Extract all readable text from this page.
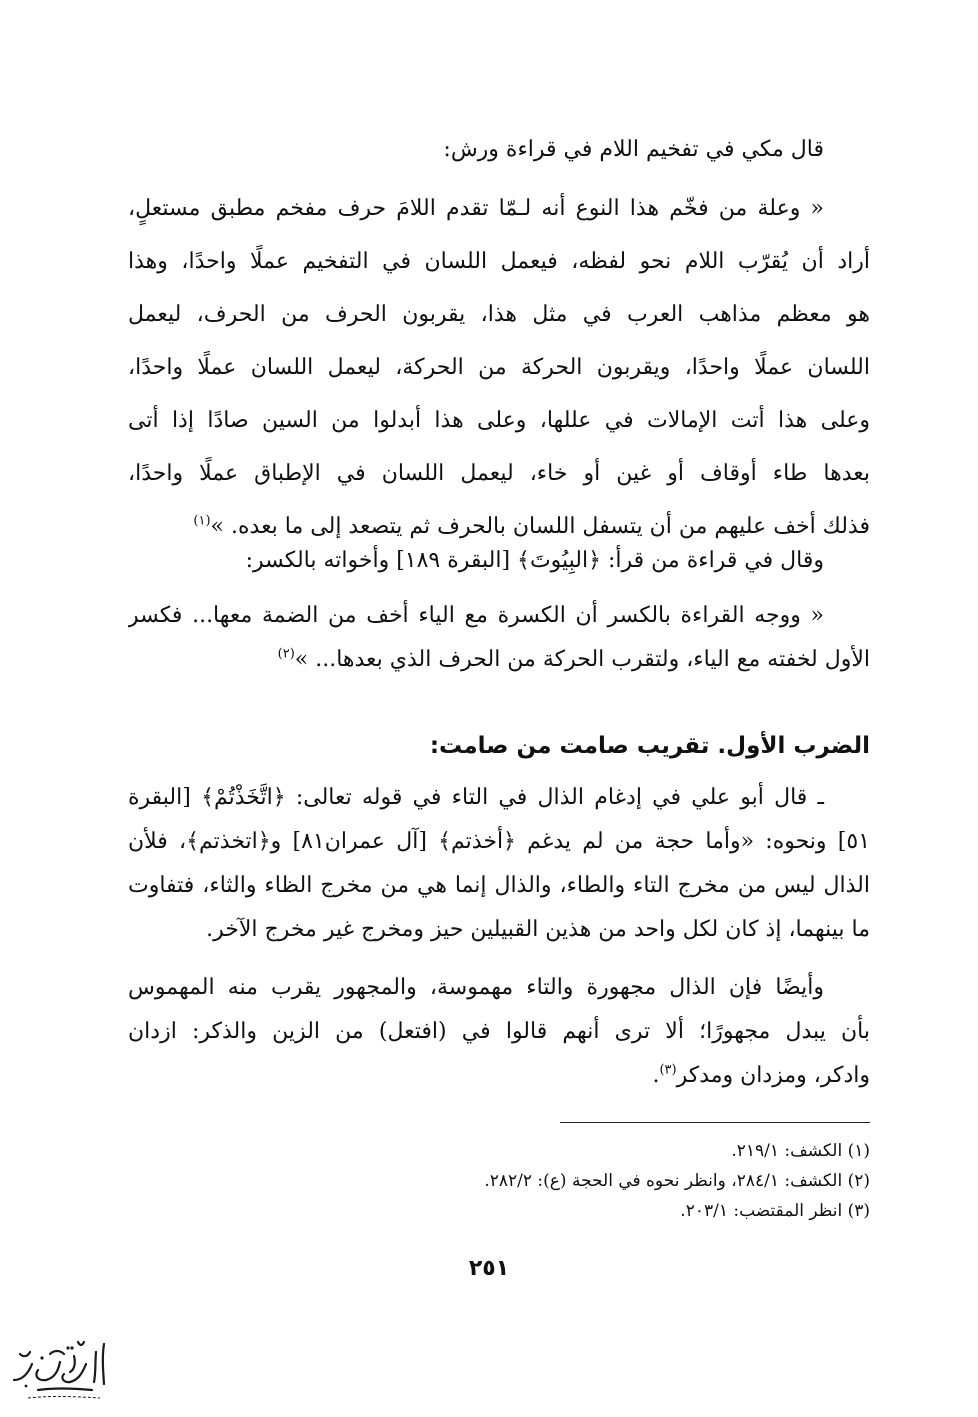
قال مكي في تفخيم اللام في قراءة ورش:
« وعلة من فخّم هذا النوع أنه لـمّا تقدم اللامَ حرف مفخم مطبق مستعلٍ،
أراد أن يُقرّب اللام نحو لفظه، فيعمل اللسان في التفخيم عملًا واحدًا، وهذا
هو معظم مذاهب العرب في مثل هذا، يقربون الحرف من الحرف، ليعمل
اللسان عملًا واحدًا، ويقربون الحركة من الحركة، ليعمل اللسان عملًا واحدًا،
وعلى هذا أتت الإمالات في عللها، وعلى هذا أبدلوا من السين صادًا إذا أتى
بعدها طاء أوقاف أو غين أو خاء، ليعمل اللسان في الإطباق عملًا واحدًا،
فذلك أخف عليهم من أن يتسفل اللسان بالحرف ثم يتصعد إلى ما بعده. »$^{(١)}$
وقال في قراءة من قرأ: ﴿البِيُوتَ﴾ [البقرة ١٨٩] وأخواته بالكسر:
« ووجه القراءة بالكسر أن الكسرة مع الياء أخف من الضمة معها... فكسر
الأول لخفته مع الياء، ولتقرب الحركة من الحرف الذي بعدها... »$^{(٢)}$
الضرب الأول. تقريب صامت من صامت:
ـ قال أبو علي في إدغام الذال في التاء في قوله تعالى: ﴿اتَّخَذْتُمْ﴾ [البقرة
٥١] ونحوه: «وأما حجة من لم يدغم ﴿أخذتم﴾ [آل عمران٨١] و﴿اتخذتم﴾، فلأن
الذال ليس من مخرج التاء والطاء، والذال إنما هي من مخرج الظاء والثاء، فتفاوت
ما بينهما، إذ كان لكل واحد من هذين القبيلين حيز ومخرج غير مخرج الآخر.
وأيضًا فإن الذال مجهورة والتاء مهموسة، والمجهور يقرب منه المهموس
بأن يبدل مجهورًا؛ ألا ترى أنهم قالوا في (افتعل) من الزين والذكر: ازدان
وادكر، ومزدان ومدكر$^{(٣)}$.
(١) الكشف: ٢١٩/١.
(٢) الكشف: ٢٨٤/١، وانظر نحوه في الحجة (ع): ٢٨٢/٢.
(٣) انظر المقتضب: ٢٠٣/١.
٢٥١
